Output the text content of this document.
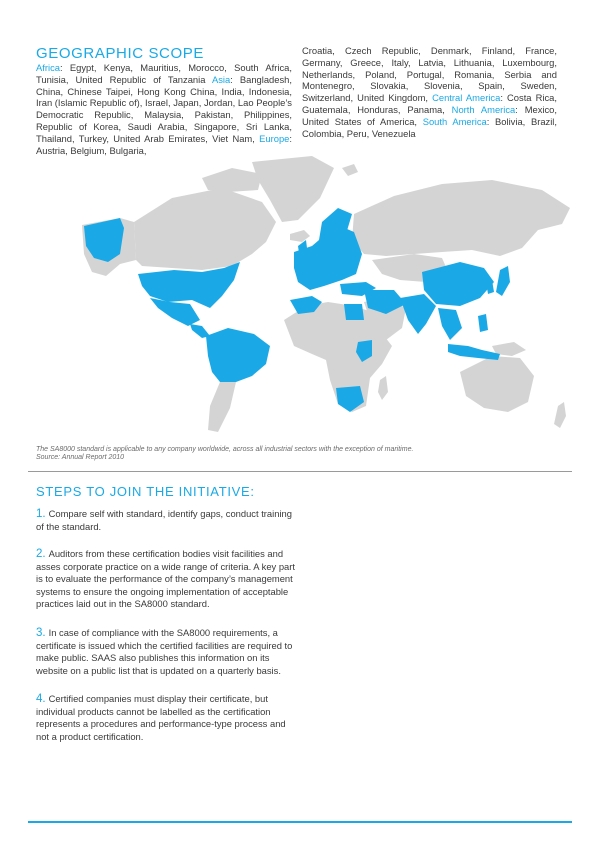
GEOGRAPHIC SCOPE

Africa: Egypt, Kenya, Mauritius, Morocco, South Africa, Tunisia, United Republic of Tanzania Asia: Bangladesh, China, Chinese Taipei, Hong Kong China, India, Indonesia, Iran (Islamic Republic of), Israel, Japan, Jordan, Lao People’s Democratic Republic, Malaysia, Pakistan, Philippines, Republic of Korea, Saudi Arabia, Singapore, Sri Lanka, Thailand, Turkey, United Arab Emirates, Viet Nam, Europe: Austria, Belgium, Bulgaria,

Croatia, Czech Republic, Denmark, Finland, France, Germany, Greece, Italy, Latvia, Lithuania, Luxembourg, Netherlands, Poland, Portugal, Romania, Serbia and Montenegro, Slovakia, Slovenia, Spain, Sweden, Switzerland, United Kingdom, Central America: Costa Rica, Guatemala, Honduras, Panama, North America: Mexico, United States of America, South America: Bolivia, Brazil, Colombia, Peru, Venezuela

The SA8000 standard is applicable to any company worldwide, across all industrial sectors with the exception of maritime.
Source: Annual Report 2010

STEPS TO JOIN THE INITIATIVE:

1. Compare self with standard, identify gaps, conduct training of the standard.

2. Auditors from these certification bodies visit facilities and asses corporate practice on a wide range of criteria. A key part is to evaluate the performance of the company’s management systems to ensure the ongoing implementation of acceptable practices laid out in the SA8000 standard.

3. In case of compliance with the SA8000 requirements, a certificate is issued which the certified facilities are required to make public. SAAS also publishes this information on its website on a public list that is updated on a quarterly basis.

4. Certified companies must display their certificate, but individual products cannot be labelled as the certification represents a procedures and performance-type process and not a product certification.
